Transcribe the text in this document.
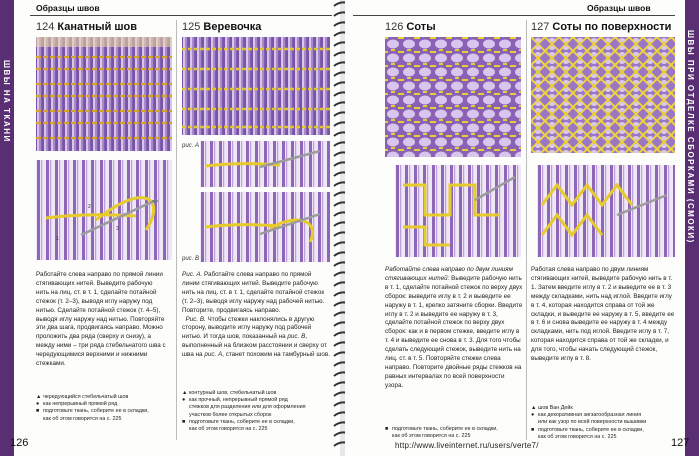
ШВЫ НА ТКАНИ
Образцы швов
124 Канатный шов
1
2
3

Работайте слева направо по прямой линии стягивающих нитей. Выведите рабочую нить на лиц. ст. в т. 1, сделайте потайной стежок (т. 2–3), выводя иглу наружу под нитью. Сделайте потайной стежок (т. 4–5), выводя иглу наружу над нитью. Повторяйте эти два шага, продвигаясь направо. Можно проложить два ряда (сверху и снизу), а между ними – три ряда стебельчатого шва с чередующимися верхними и нижними стежками.

▲ чередующийся стебельчатый шов
● как непрерывный прямой ряд
■ подготовьте ткань, соберите ее в складки,
как об этом говорится на с. 225
125 Веревочка
рис. А
рис. В

Рис. А. Работайте слева направо по прямой линии стягивающих нитей. Выведите рабочую нить на лиц. ст. в т. 1, сделайте потайной стежок (т. 2–3), выводя иглу наружу над рабочей нитью. Повторите, продвигаясь направо.
Рис. В. Чтобы стежки наклонялись в другую сторону, выводите иглу наружу под рабочей нитью. И тогда шов, показанный на рис. В, выполненный на близком расстоянии и сверху от шва на рис. А, станет похожим на тамбурный шов.

▲ контурный шов, стебельчатый шов
● как прочный, непрерывный прямой ряд
стежков для разделения или для оформления
участков более открытых сборок
■ подготовьте ткань, соберите ее в складки,
как об этом говорится на с. 225
126
Образцы швов
ШВЫ ПРИ ОТДЕЛКЕ СБОРКАМИ (СМОКИ)
126 Соты

Работайте слева направо по двум линиям стягивающих нитей: Выведите рабочую нить в т. 1, сделайте потайной стежок по верху двух сборок: выведите иглу в т. 2 и выведите ее наружу в т. 1, крепко затяните сборки. Введите иглу в т. 2 и выведите ее наружу в т. 3, сделайте потайной стежок по верху двух сборок: как и в первом стежке, введите иглу в т. 4 и выведите ее снова в т. 3. Для того чтобы сделать следующий стежок, выведите нить на лиц. ст. в т. 5. Повторяйте стежки слева направо. Повторите двойные ряды стежков на равных интервалах по всей поверхности узора.

■ подготовьте ткань, соберите ее в складки,
как об этом говорится на с. 225
127 Соты по поверхности

Работая слева направо по двум линиям стягивающих нитей, выведите рабочую нить в т. 1. Затем введите иглу в т. 2 и выведите ее в т. 3 между складками, нить над иглой. Введите иглу в т. 4, которая находится справа от той же складки, и выведите ее наружу в т. 5, введите ее в т. 6 и снова выведите ее наружу в т. 4 между складками, нить под иглой. Введите иглу в т. 7, которая находится справа от той же складки, и для того, чтобы начать следующий стежок, выведите иглу в т. 8.

▲ шов Ван Дейк
● как декоративная зигзагообразная линия
или как узор по всей поверхности вышивки
■ подготовьте ткань, соберите ее в складки,
как об этом говорится на с. 225
127
http://www.liveinternet.ru/users/verte7/
